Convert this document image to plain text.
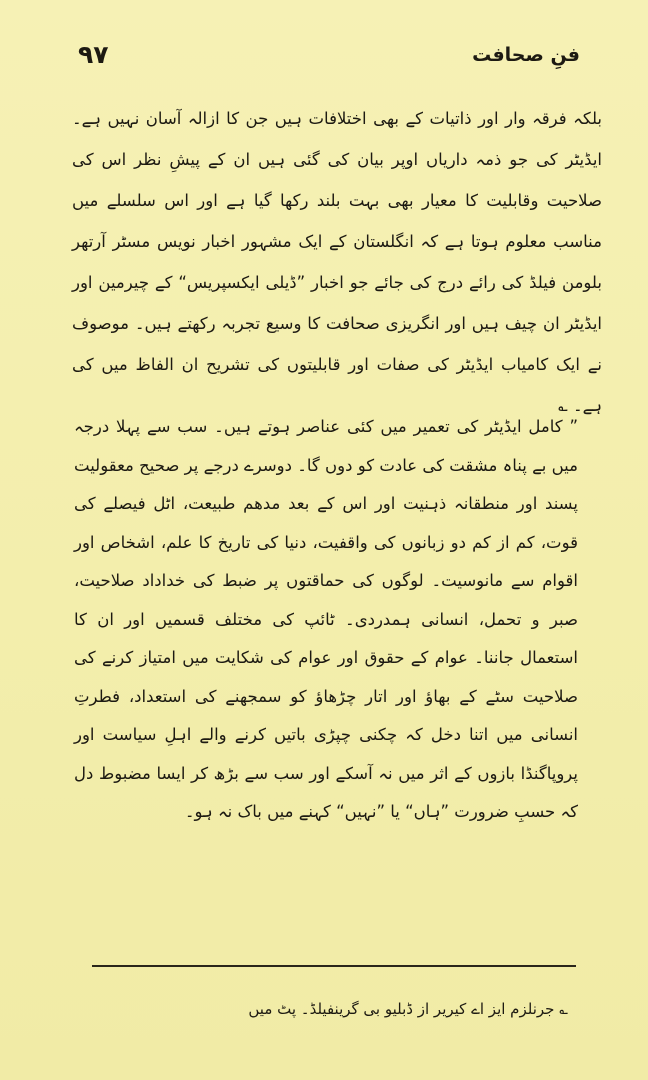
۹۷	فنِ صحافت

بلکہ فرقہ وار اور ذاتیات کے بھی اختلافات ہیں جن کا ازالہ آسان نہیں ہے۔ ایڈیٹر کی جو ذمہ داریاں اوپر بیان کی گئی ہیں ان کے پیشِ نظر اس کی صلاحیت وقابلیت کا معیار بھی بہت بلند رکھا گیا ہے اور اس سلسلے میں مناسب معلوم ہوتا ہے کہ انگلستان کے ایک مشہور اخبار نویس مسٹر آرتھر بلومن فیلڈ کی رائے درج کی جائے جو اخبار ”ڈیلی ایکسپریس“ کے چیرمین اور ایڈیٹر ان چیف ہیں اور انگریزی صحافت کا وسیع تجربہ رکھتے ہیں۔ موصوف نے ایک کامیاب ایڈیٹر کی صفات اور قابلیتوں کی تشریح ان الفاظ میں کی ہے۔ ؎

” کامل ایڈیٹر کی تعمیر میں کئی عناصر ہوتے ہیں۔ سب سے پہلا درجہ میں بے پناہ مشقت کی عادت کو دوں گا۔ دوسرے درجے پر صحیح معقولیت پسند اور منطقانہ ذہنیت اور اس کے بعد مدھم طبیعت، اٹل فیصلے کی قوت، کم از کم دو زبانوں کی واقفیت، دنیا کی تاریخ کا علم، اشخاص اور اقوام سے مانوسیت۔ لوگوں کی حماقتوں پر ضبط کی خداداد صلاحیت، صبر و تحمل، انسانی ہمدردی۔ ٹائپ کی مختلف قسمیں اور ان کا استعمال جاننا۔ عوام کے حقوق اور عوام کی شکایت میں امتیاز کرنے کی صلاحیت سٹے کے بھاؤ اور اتار چڑھاؤ کو سمجھنے کی استعداد، فطرتِ انسانی میں اتنا دخل کہ چکنی چپڑی باتیں کرنے والے اہلِ سیاست اور پروپاگنڈا بازوں کے اثر میں نہ آسکے اور سب سے بڑھ کر ایسا مضبوط دل کہ حسبِ ضرورت ”ہاں“ یا ”نہیں“ کہنے میں باک نہ ہو۔

؎ جرنلزم ایز اے کیریر از ڈبلیو بی گرینفیلڈ۔ پٹ میں
